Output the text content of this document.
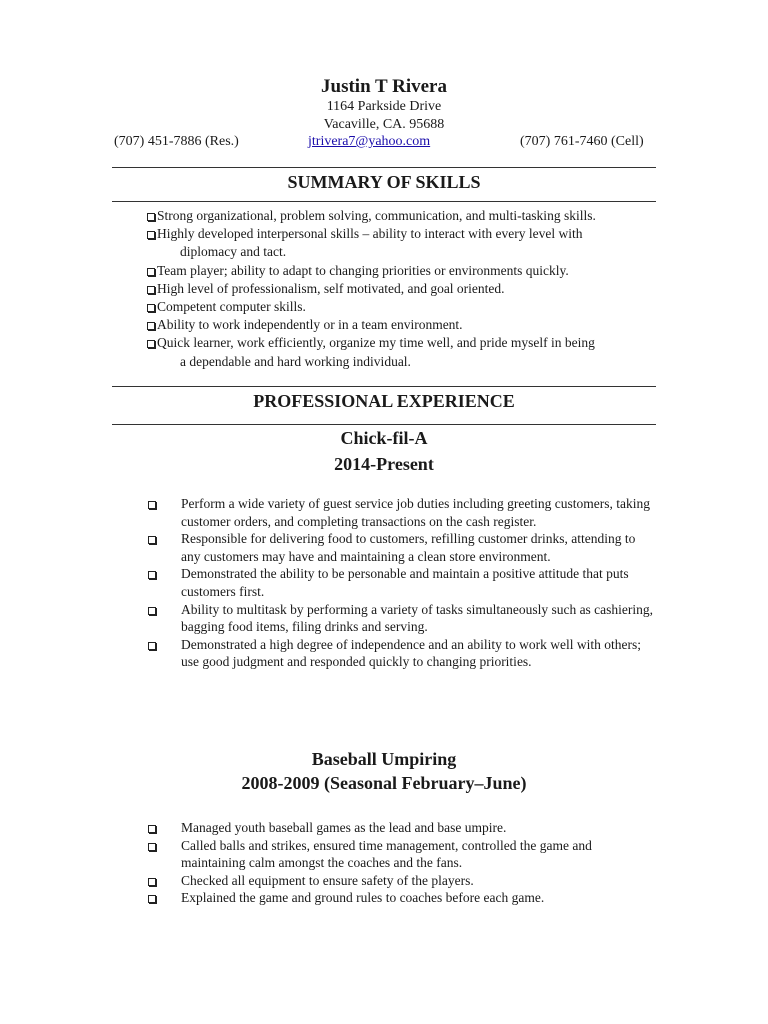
Justin T Rivera
1164 Parkside Drive
Vacaville, CA. 95688
(707) 451-7886 (Res.)	jtrivera7@yahoo.com	(707) 761-7460 (Cell)
SUMMARY OF SKILLS
Strong organizational, problem solving, communication, and multi-tasking skills.
Highly developed interpersonal skills – ability to interact with every level with
diplomacy and tact.
Team player; ability to adapt to changing priorities or environments quickly.
High level of professionalism, self motivated, and goal oriented.
Competent computer skills.
Ability to work independently or in a team environment.
Quick learner, work efficiently, organize my time well, and pride myself in being
a dependable and hard working individual.
PROFESSIONAL EXPERIENCE
Chick-fil-A
2014-Present
Perform a wide variety of guest service job duties including greeting customers, taking customer orders, and completing transactions on the cash register.
Responsible for delivering food to customers, refilling customer drinks, attending to any customers may have and maintaining a clean store environment.
Demonstrated the ability to be personable and maintain a positive attitude that puts customers first.
Ability to multitask by performing a variety of tasks simultaneously such as cashiering, bagging food items, filing drinks and serving.
Demonstrated a high degree of independence and an ability to work well with others; use good judgment and responded quickly to changing priorities.
Baseball Umpiring
2008-2009 (Seasonal February–June)
Managed youth baseball games as the lead and base umpire.
Called balls and strikes, ensured time management, controlled the game and maintaining calm amongst the coaches and the fans.
Checked all equipment to ensure safety of the players.
Explained the game and ground rules to coaches before each game.
